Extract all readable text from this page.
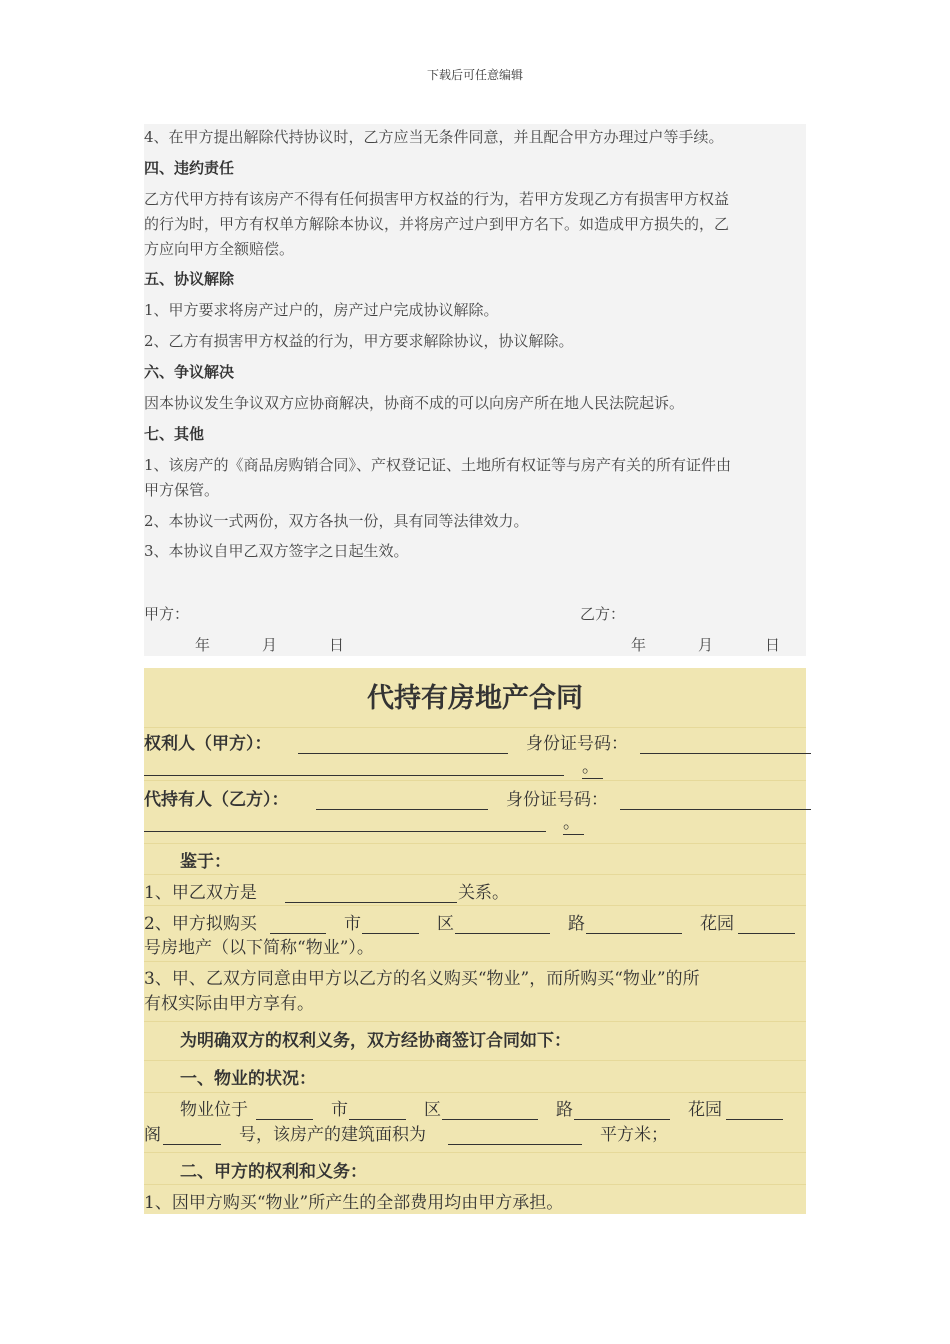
下载后可任意编辑
4、在甲方提出解除代持协议时，乙方应当无条件同意，并且配合甲方办理过户等手续。
四、违约责任
乙方代甲方持有该房产不得有任何损害甲方权益的行为，若甲方发现乙方有损害甲方权益
的行为时，甲方有权单方解除本协议，并将房产过户到甲方名下。如造成甲方损失的，乙
方应向甲方全额赔偿。
五、协议解除
1、甲方要求将房产过户的，房产过户完成协议解除。
2、乙方有损害甲方权益的行为，甲方要求解除协议，协议解除。
六、争议解决
因本协议发生争议双方应协商解决，协商不成的可以向房产所在地人民法院起诉。
七、其他
1、该房产的《商品房购销合同》、产权登记证、土地所有权证等与房产有关的所有证件由
甲方保管。
2、本协议一式两份，双方各执一份，具有同等法律效力。
3、本协议自甲乙双方签字之日起生效。
甲方：	乙方：
年	月	日	年	月	日
代持有房地产合同
权利人（甲方）：	身份证号码：
。
代持有人（乙方）：	身份证号码：
。
鉴于：
1、甲乙双方是	关系。
2、甲方拟购买	市	区	路	花园
号房地产（以下简称“物业”）。
3、甲、乙双方同意由甲方以乙方的名义购买“物业”，而所购买“物业”的所
有权实际由甲方享有。
为明确双方的权利义务，双方经协商签订合同如下：
一、物业的状况：
物业位于	市	区	路	花园
阁	号，该房产的建筑面积为	平方米；
二、甲方的权利和义务：
1、因甲方购买“物业”所产生的全部费用均由甲方承担。
